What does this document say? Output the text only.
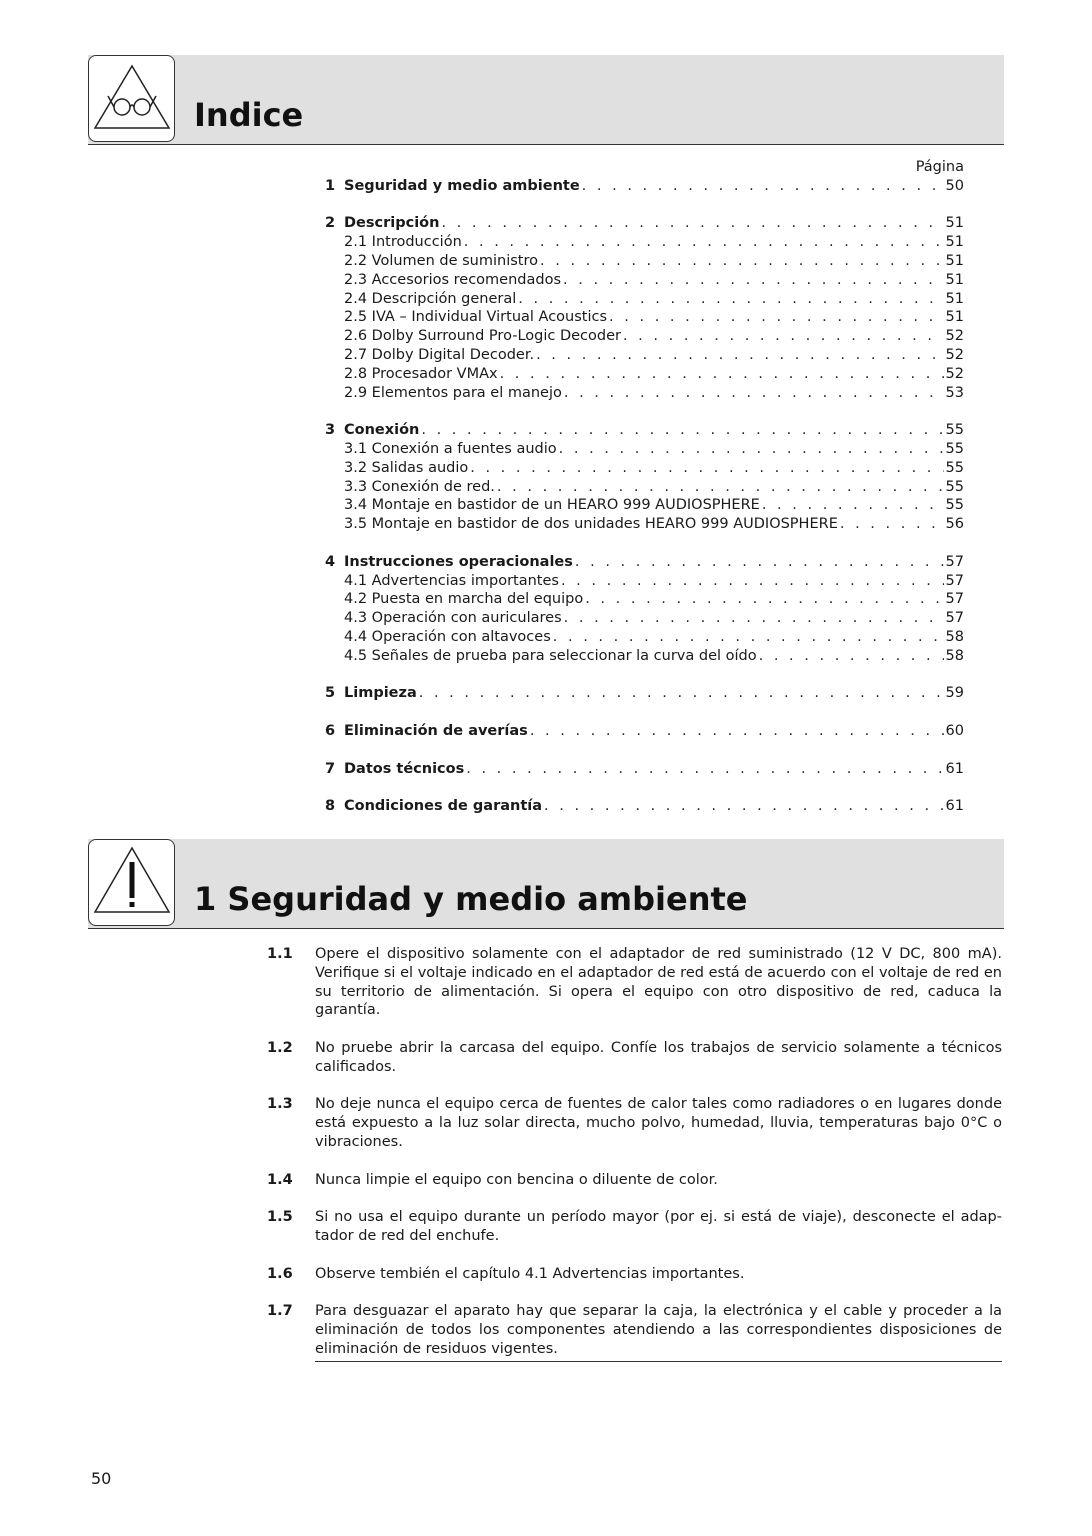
Indice
Página
1 Seguridad y medio ambiente . . .	50
2 Descripción . . .	51
2.1 Introducción . . .	51
2.2 Volumen de suministro . . .	51
2.3 Accesorios recomendados . . .	51
2.4 Descripción general . . .	51
2.5 IVA – Individual Virtual Acoustics . . .	51
2.6 Dolby Surround Pro-Logic Decoder . . .	52
2.7 Dolby Digital Decoder. . . .	52
2.8 Procesador VMAx . . .	52
2.9 Elementos para el manejo . . .	53
3 Conexión . . .	55
3.1 Conexión a fuentes audio . . .	55
3.2 Salidas audio . . .	55
3.3 Conexión de red. . . .	55
3.4 Montaje en bastidor de un HEARO 999 AUDIOSPHERE . . .	55
3.5 Montaje en bastidor de dos unidades HEARO 999 AUDIOSPHERE . . .	56
4 Instrucciones operacionales . . .	57
4.1 Advertencias importantes . . .	57
4.2 Puesta en marcha del equipo . . .	57
4.3 Operación con auriculares . . .	57
4.4 Operación con altavoces . . .	58
4.5 Señales de prueba para seleccionar la curva del oído . . .	58
5 Limpieza . . .	59
6 Eliminación de averías . . .	60
7 Datos técnicos . . .	61
8 Condiciones de garantía . . .	61
1 Seguridad y medio ambiente
1.1	Opere el dispositivo solamente con el adaptador de red suministrado (12 V DC, 800 mA). Verifique si el voltaje indicado en el adaptador de red está de acuerdo con el voltaje de red en su territorio de alimentación. Si opera el equipo con otro dispositivo de red, caduca la garantía.
1.2	No pruebe abrir la carcasa del equipo. Confíe los trabajos de servicio solamente a técnicos calificados.
1.3	No deje nunca el equipo cerca de fuentes de calor tales como radiadores o en lugares donde está expuesto a la luz solar directa, mucho polvo, humedad, lluvia, temperaturas bajo 0°C o vibraciones.
1.4	Nunca limpie el equipo con bencina o diluente de color.
1.5	Si no usa el equipo durante un período mayor (por ej. si está de viaje), desconecte el adap-tador de red del enchufe.
1.6	Observe tembién el capítulo 4.1 Advertencias importantes.
1.7	Para desguazar el aparato hay que separar la caja, la electrónica y el cable y proceder a la eliminación de todos los componentes atendiendo a las correspondientes disposiciones de eliminación de residuos vigentes.
50
